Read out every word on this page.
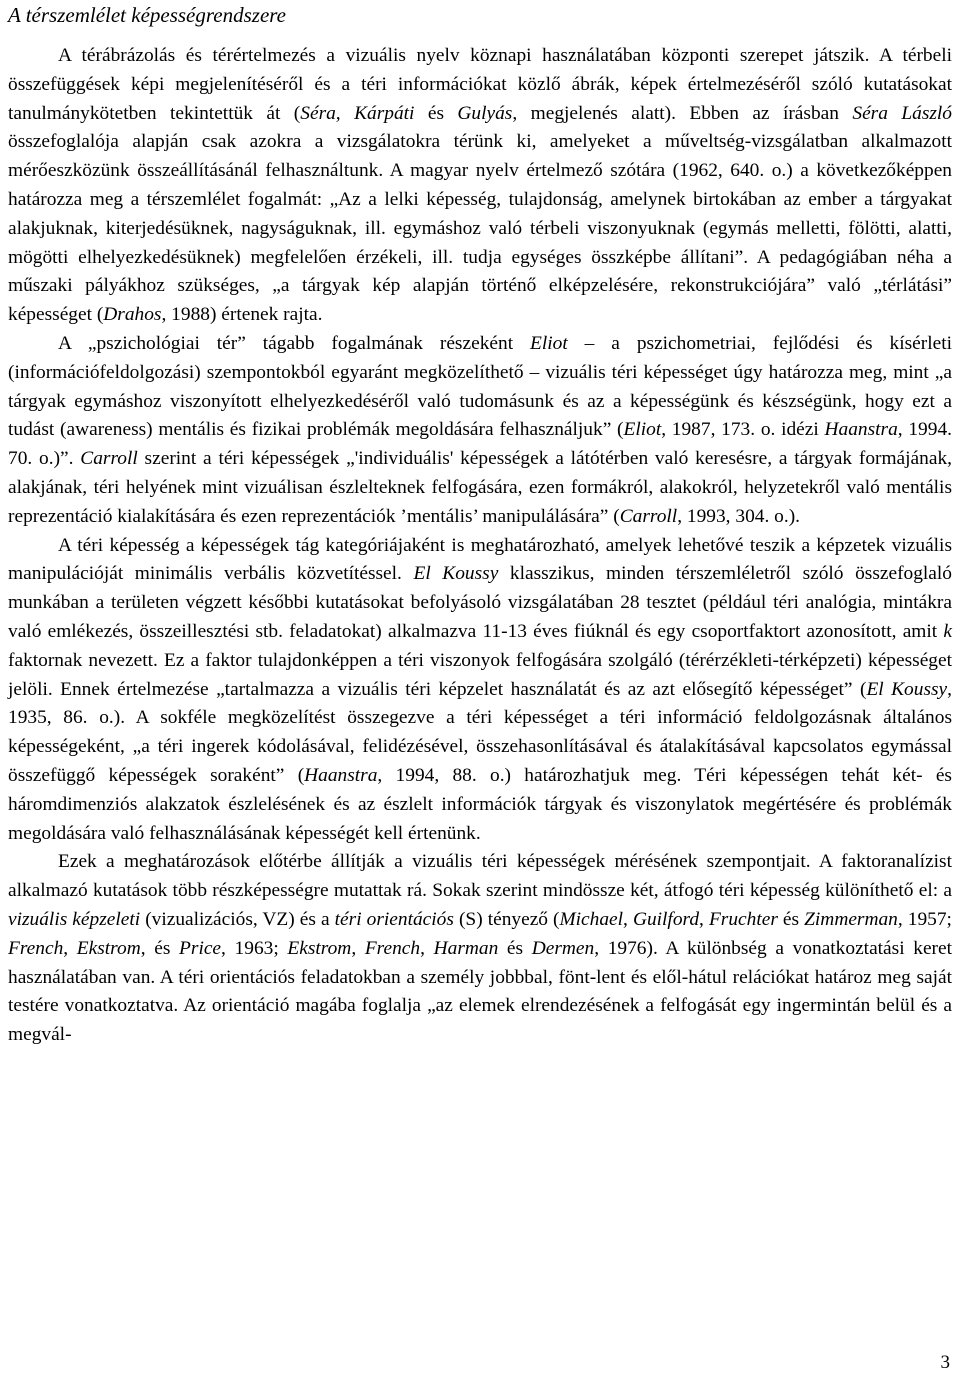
A térszemlélet képességrendszere

A térábrázolás és térértelmezés a vizuális nyelv köznapi használatában központi szerepet játszik. A térbeli összefüggések képi megjelenítéséről és a téri információkat közlő ábrák, képek értelmezéséről szóló kutatásokat tanulmánykötetben tekintettük át (Séra, Kárpáti és Gulyás, megjelenés alatt). Ebben az írásban Séra László összefoglalója alapján csak azokra a vizsgálatokra térünk ki, amelyeket a műveltség-vizsgálatban alkalmazott mérőeszközünk összeállításánál felhasználtunk. A magyar nyelv értelmező szótára (1962, 640. o.) a következőképpen határozza meg a térszemlélet fogalmát: „Az a lelki képesség, tulajdonság, amelynek birtokában az ember a tárgyakat alakjuknak, kiterjedésüknek, nagyságuknak, ill. egymáshoz való térbeli viszonyuknak (egymás melletti, fölötti, alatti, mögötti elhelyezkedésüknek) megfelelően érzékeli, ill. tudja egységes összképbe állítani”. A pedagógiában néha a műszaki pályákhoz szükséges, „a tárgyak kép alapján történő elképzelésére, rekonstrukciójára” való „térlátási” képességet (Drahos, 1988) értenek rajta.

A „pszichológiai tér” tágabb fogalmának részeként Eliot – a pszichometriai, fejlődési és kísérleti (információfeldolgozási) szempontokból egyaránt megközelíthető – vizuális téri képességet úgy határozza meg, mint „a tárgyak egymáshoz viszonyított elhelyezkedéséről való tudomásunk és az a képességünk és készségünk, hogy ezt a tudást (awareness) mentális és fizikai problémák megoldására felhasználjuk” (Eliot, 1987, 173. o. idézi Haanstra, 1994. 70. o.)”. Carroll szerint a téri képességek „'individuális' képességek a látótérben való keresésre, a tárgyak formájának, alakjának, téri helyének mint vizuálisan észlelteknek felfogására, ezen formákról, alakokról, helyzetekről való mentális reprezentáció kialakítására és ezen reprezentációk ’mentális’ manipulálására” (Carroll, 1993, 304. o.).

A téri képesség a képességek tág kategóriájaként is meghatározható, amelyek lehetővé teszik a képzetek vizuális manipulációját minimális verbális közvetítéssel. El Koussy klasszikus, minden térszemléletről szóló összefoglaló munkában a területen végzett későbbi kutatásokat befolyásoló vizsgálatában 28 tesztet (például téri analógia, mintákra való emlékezés, összeillesztési stb. feladatokat) alkalmazva 11-13 éves fiúknál és egy csoportfaktort azonosított, amit k faktornak nevezett. Ez a faktor tulajdonképpen a téri viszonyok felfogására szolgáló (térérzékleti-térképzeti) képességet jelöli. Ennek értelmezése „tartalmazza a vizuális téri képzelet használatát és az azt elősegítő képességet” (El Koussy, 1935, 86. o.). A sokféle megközelítést összegezve a téri képességet a téri információ feldolgozásnak általános képességeként, „a téri ingerek kódolásával, felidézésével, összehasonlításával és átalakításával kapcsolatos egymással összefüggő képességek soraként” (Haanstra, 1994, 88. o.) határozhatjuk meg. Téri képességen tehát két- és háromdimenziós alakzatok észlelésének és az észlelt információk tárgyak és viszonylatok megértésére és problémák megoldására való felhasználásának képességét kell értenünk.

Ezek a meghatározások előtérbe állítják a vizuális téri képességek mérésének szempontjait. A faktoranalízist alkalmazó kutatások több részképességre mutattak rá. Sokak szerint mindössze két, átfogó téri képesség különíthető el: a vizuális képzeleti (vizualizációs, VZ) és a téri orientációs (S) tényező (Michael, Guilford, Fruchter és Zimmerman, 1957; French, Ekstrom, és Price, 1963; Ekstrom, French, Harman és Dermen, 1976). A különbség a vonatkoztatási keret használatában van. A téri orientációs feladatokban a személy jobbbal, fönt-lent és elől-hátul relációkat határoz meg saját testére vonatkoztatva. Az orientáció magába foglalja „az elemek elrendezésének a felfogását egy ingermintán belül és a megvál-

3
